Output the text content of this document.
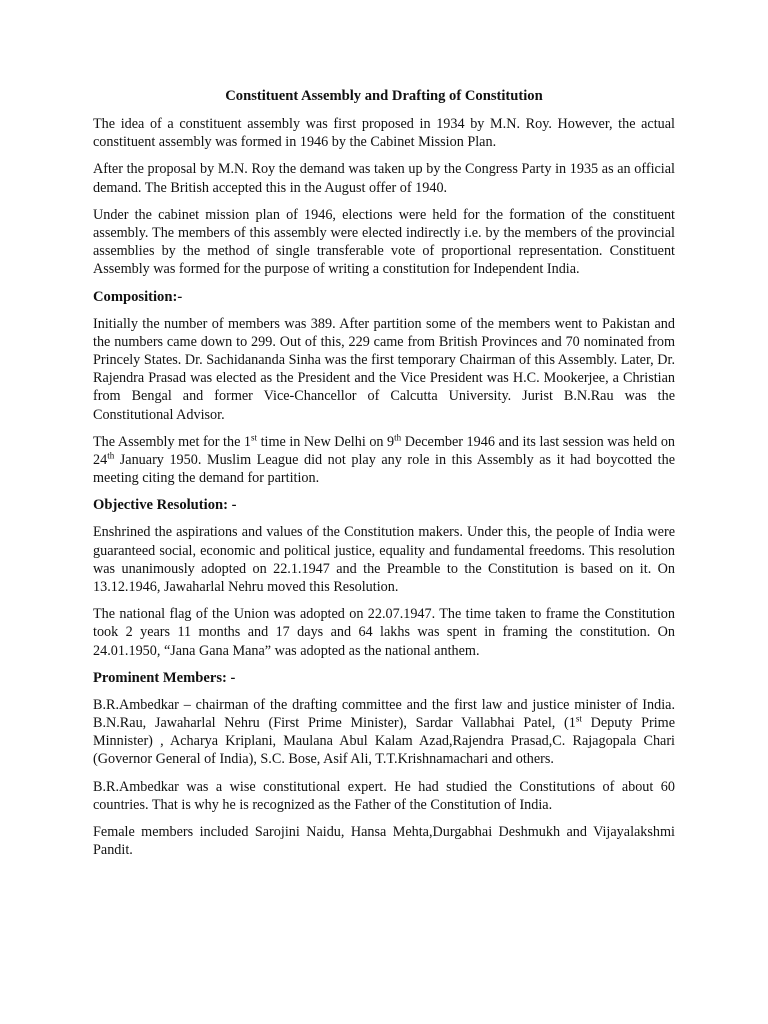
Constituent Assembly and Drafting of Constitution

The idea of a constituent assembly was first proposed in 1934 by M.N. Roy. However, the actual constituent assembly was formed in 1946 by the Cabinet Mission Plan.

After the proposal by M.N. Roy the demand was taken up by the Congress Party in 1935 as an official demand. The British accepted this in the August offer of 1940.

Under the cabinet mission plan of 1946, elections were held for the formation of the constituent assembly. The members of this assembly were elected indirectly i.e. by the members of the provincial assemblies by the method of single transferable vote of proportional representation. Constituent Assembly was formed for the purpose of writing a constitution for Independent India.

Composition:-

Initially the number of members was 389. After partition some of the members went to Pakistan and the numbers came down to 299. Out of this, 229 came from British Provinces and 70 nominated from Princely States. Dr. Sachidananda Sinha was the first temporary Chairman of this Assembly. Later, Dr. Rajendra Prasad was elected as the President and the Vice President was H.C. Mookerjee, a Christian from Bengal and former Vice-Chancellor of Calcutta University. Jurist B.N.Rau was the Constitutional Advisor.

The Assembly met for the 1st time in New Delhi on 9th December 1946 and its last session was held on 24th January 1950. Muslim League did not play any role in this Assembly as it had boycotted the meeting citing the demand for partition.

Objective Resolution: -

Enshrined the aspirations and values of the Constitution makers. Under this, the people of India were guaranteed social, economic and political justice, equality and fundamental freedoms. This resolution was unanimously adopted on 22.1.1947 and the Preamble to the Constitution is based on it. On 13.12.1946, Jawaharlal Nehru moved this Resolution.

The national flag of the Union was adopted on 22.07.1947. The time taken to frame the Constitution took 2 years 11 months and 17 days and 64 lakhs was spent in framing the constitution. On 24.01.1950, “Jana Gana Mana” was adopted as the national anthem.

Prominent Members: -

B.R.Ambedkar – chairman of the drafting committee and the first law and justice minister of India. B.N.Rau, Jawaharlal Nehru (First Prime Minister), Sardar Vallabhai Patel, (1st Deputy Prime Minnister) , Acharya Kriplani, Maulana Abul Kalam Azad,Rajendra Prasad,C. Rajagopala Chari (Governor General of India), S.C. Bose, Asif Ali, T.T.Krishnamachari and others.

B.R.Ambedkar was a wise constitutional expert. He had studied the Constitutions of about 60 countries. That is why he is recognized as the Father of the Constitution of India.

Female members included Sarojini Naidu, Hansa Mehta,Durgabhai Deshmukh and Vijayalakshmi Pandit.
